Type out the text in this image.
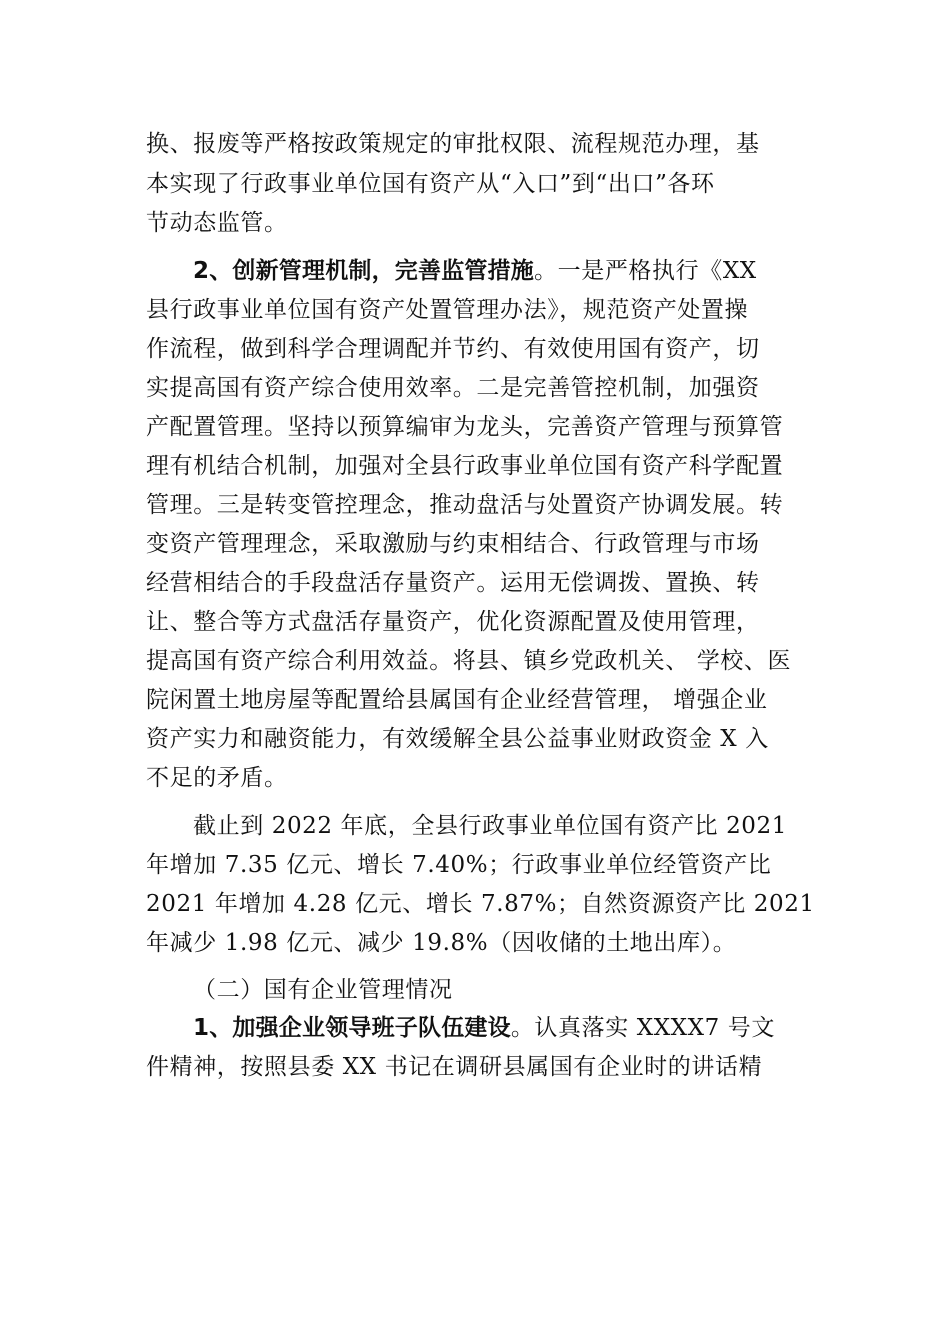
换、报废等严格按政策规定的审批权限、流程规范办理，基
本实现了行政事业单位国有资产从“入口”到“出口”各环
节动态监管。
2、创新管理机制，完善监管措施。一是严格执行《XX
县行政事业单位国有资产处置管理办法》，规范资产处置操
作流程，做到科学合理调配并节约、有效使用国有资产，切
实提高国有资产综合使用效率。二是完善管控机制，加强资
产配置管理。坚持以预算编审为龙头，完善资产管理与预算管
理有机结合机制，加强对全县行政事业单位国有资产科学配置
管理。三是转变管控理念，推动盘活与处置资产协调发展。转
变资产管理理念，采取激励与约束相结合、行政管理与市场
经营相结合的手段盘活存量资产。运用无偿调拨、置换、转
让、整合等方式盘活存量资产，优化资源配置及使用管理，
提高国有资产综合利用效益。将县、镇乡党政机关、 学校、医
院闲置土地房屋等配置给县属国有企业经营管理， 增强企业
资产实力和融资能力，有效缓解全县公益事业财政资金 X 入
不足的矛盾。
截止到 2022 年底，全县行政事业单位国有资产比 2021
年增加 7.35 亿元、增长 7.40%；行政事业单位经管资产比
2021 年增加 4.28 亿元、增长 7.87%；自然资源资产比 2021
年减少 1.98 亿元、减少 19.8%（因收储的土地出库）。
（二）国有企业管理情况
1、加强企业领导班子队伍建设。认真落实 XXXX7 号文
件精神，按照县委 XX 书记在调研县属国有企业时的讲话精
